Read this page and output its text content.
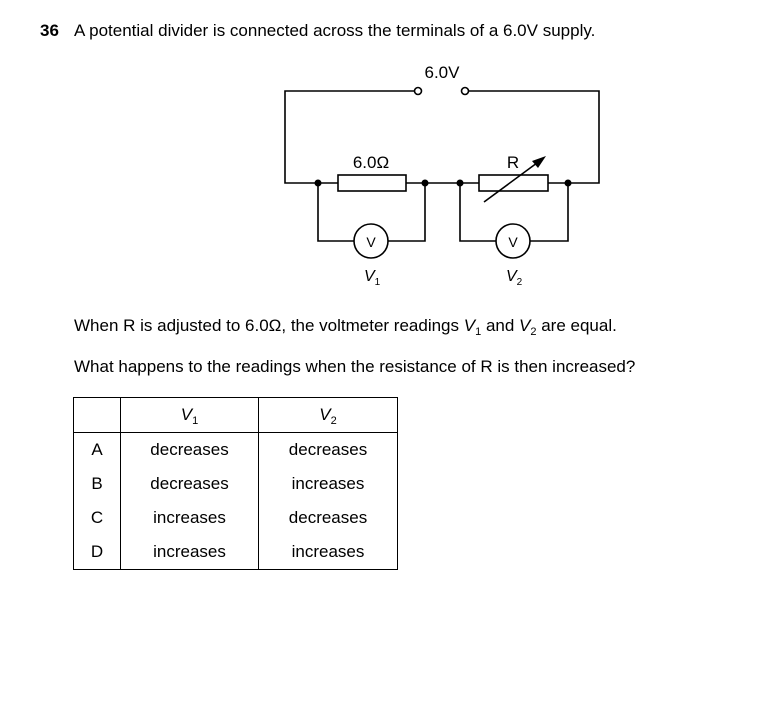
36 A potential divider is connected across the terminals of a 6.0V supply.
6.0V
6.0Ω	R
V	V
$V_1$	$V_2$
When R is adjusted to 6.0Ω, the voltmeter readings $V_1$ and $V_2$ are equal.
What happens to the readings when the resistance of R is then increased?
	$V_1$	$V_2$
A	decreases	decreases
B	decreases	increases
C	increases	decreases
D	increases	increases
